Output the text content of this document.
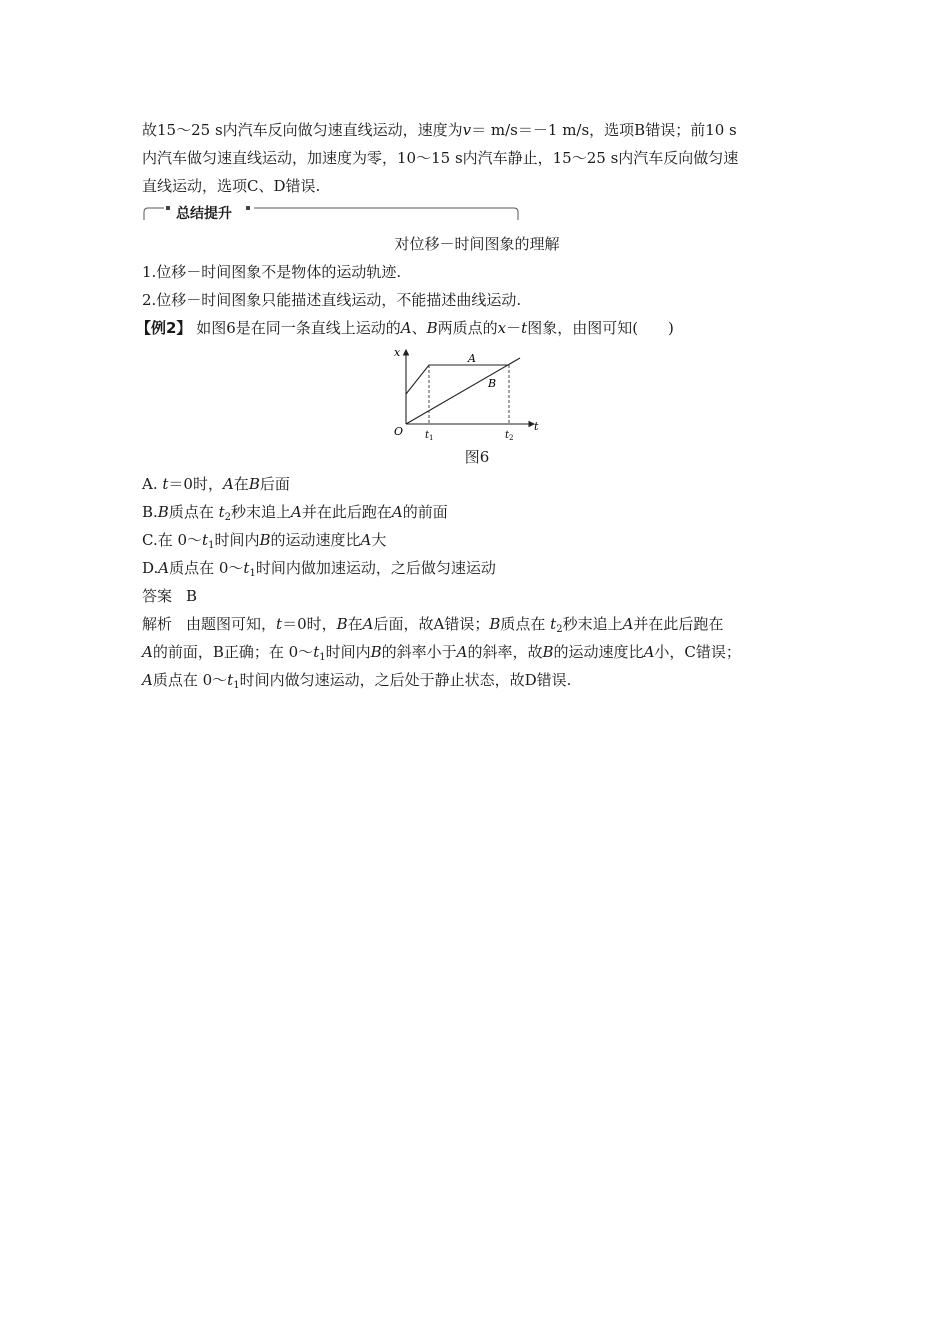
故15～25 s内汽车反向做匀速直线运动，速度为v＝ m/s＝－1 m/s，选项B错误；前10 s
内汽车做匀速直线运动，加速度为零，10～15 s内汽车静止，15～25 s内汽车反向做匀速
直线运动，选项C、D错误.
总结提升
对位移－时间图象的理解
1.位移－时间图象不是物体的运动轨迹.
2.位移－时间图象只能描述直线运动，不能描述曲线运动.
【例2】 如图6是在同一条直线上运动的A、B两质点的x－t图象，由图可知(　　)
x
t
O
A
B
$t_1$	$t_2$
图6
A. t＝0时，A在B后面
B.B质点在 $t_2$秒末追上A并在此后跑在A的前面
C.在 $0\sim t_1$时间内B的运动速度比A大
D.A质点在 $0\sim t_1$时间内做加速运动，之后做匀速运动
答案 B
解析 由题图可知，t＝0时，B在A后面，故A错误；B质点在 $t_2$秒末追上A并在此后跑在
A的前面，B正确；在 $0\sim t_1$时间内B的斜率小于A的斜率，故B的运动速度比A小，C错误；
A质点在 $0\sim t_1$时间内做匀速运动，之后处于静止状态，故D错误.
